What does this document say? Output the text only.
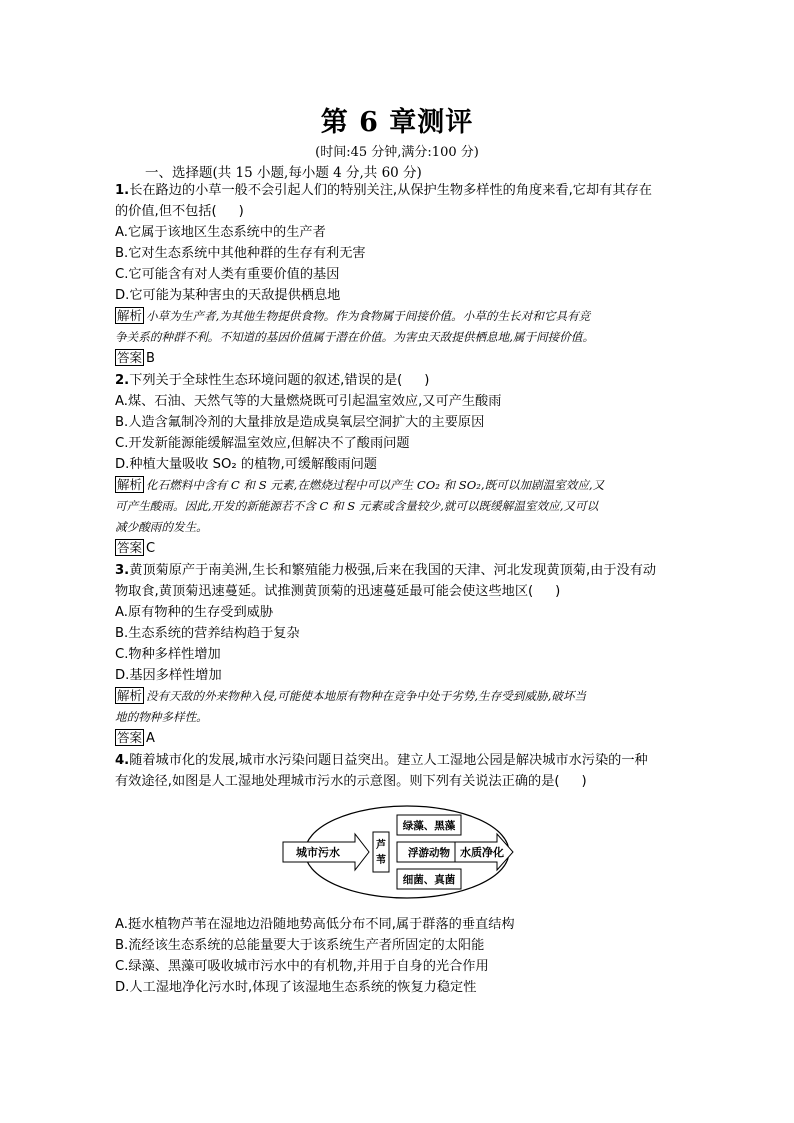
第 6 章测评
(时间:45 分钟,满分:100 分)
一、选择题(共 15 小题,每小题 4 分,共 60 分)
1.长在路边的小草一般不会引起人们的特别关注,从保护生物多样性的角度来看,它却有其存在
的价值,但不包括( )
A.它属于该地区生态系统中的生产者
B.它对生态系统中其他种群的生存有利无害
C.它可能含有对人类有重要价值的基因
D.它可能为某种害虫的天敌提供栖息地
解析 小草为生产者,为其他生物提供食物。作为食物属于间接价值。小草的生长对和它具有竞
争关系的种群不利。不知道的基因价值属于潜在价值。为害虫天敌提供栖息地,属于间接价值。
答案 B
2.下列关于全球性生态环境问题的叙述,错误的是( )
A.煤、石油、天然气等的大量燃烧既可引起温室效应,又可产生酸雨
B.人造含氟制冷剂的大量排放是造成臭氧层空洞扩大的主要原因
C.开发新能源能缓解温室效应,但解决不了酸雨问题
D.种植大量吸收 SO₂ 的植物,可缓解酸雨问题
解析 化石燃料中含有 C 和 S 元素,在燃烧过程中可以产生 CO₂ 和 SO₂,既可以加剧温室效应,又
可产生酸雨。因此,开发的新能源若不含 C 和 S 元素或含量较少,就可以既缓解温室效应,又可以
减少酸雨的发生。
答案 C
3.黄顶菊原产于南美洲,生长和繁殖能力极强,后来在我国的天津、河北发现黄顶菊,由于没有动
物取食,黄顶菊迅速蔓延。试推测黄顶菊的迅速蔓延最可能会使这些地区( )
A.原有物种的生存受到威胁
B.生态系统的营养结构趋于复杂
C.物种多样性增加
D.基因多样性增加
解析 没有天敌的外来物种入侵,可能使本地原有物种在竞争中处于劣势,生存受到威胁,破坏当
地的物种多样性。
答案 A
4.随着城市化的发展,城市水污染问题日益突出。建立人工湿地公园是解决城市水污染的一种
有效途径,如图是人工湿地处理城市污水的示意图。则下列有关说法正确的是( )
城市污水
芦
苇
绿藻、黑藻
浮游动物
细菌、真菌
水质净化
A.挺水植物芦苇在湿地边沿随地势高低分布不同,属于群落的垂直结构
B.流经该生态系统的总能量要大于该系统生产者所固定的太阳能
C.绿藻、黑藻可吸收城市污水中的有机物,并用于自身的光合作用
D.人工湿地净化污水时,体现了该湿地生态系统的恢复力稳定性
